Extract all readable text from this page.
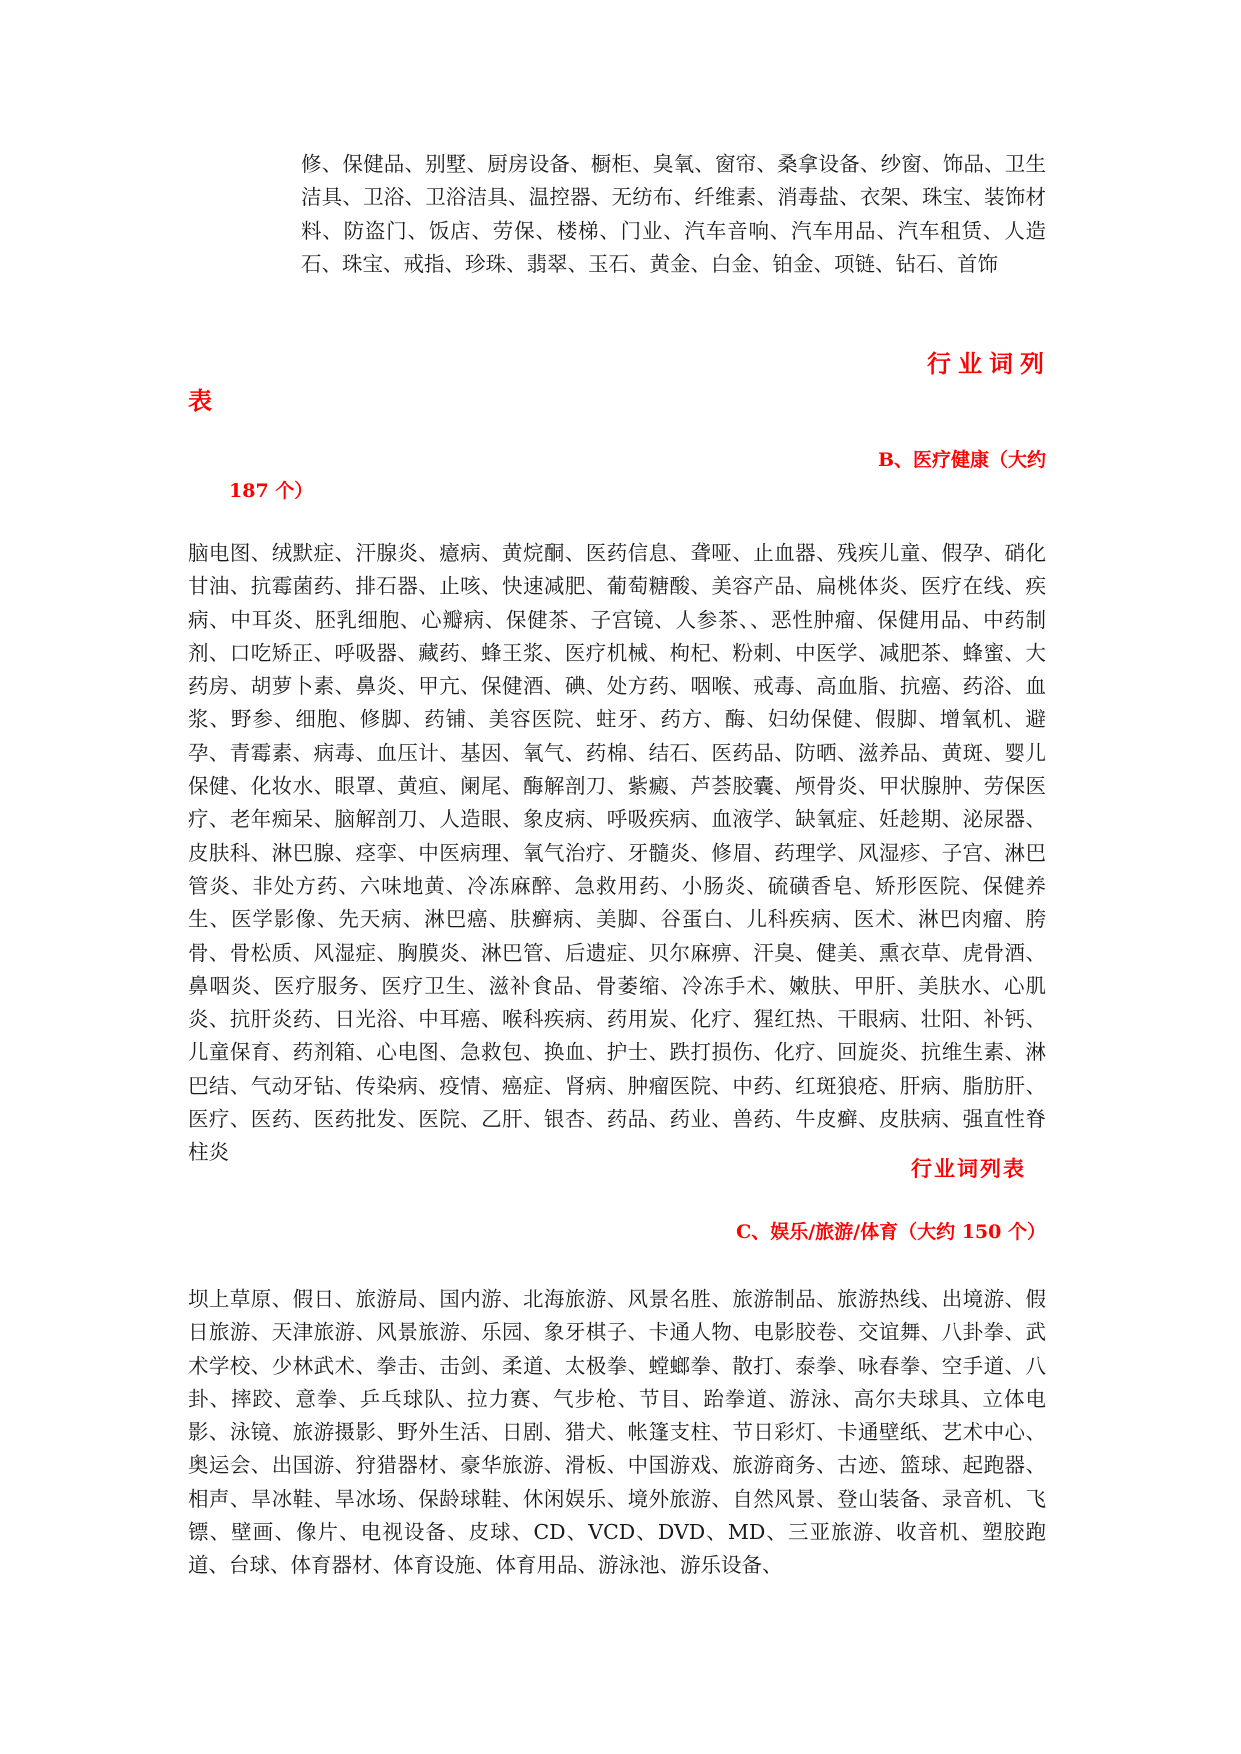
修、保健品、别墅、厨房设备、橱柜、臭氧、窗帘、桑拿设备、纱窗、饰品、卫生洁具、卫浴、卫浴洁具、温控器、无纺布、纤维素、消毒盐、衣架、珠宝、装饰材料、防盗门、饭店、劳保、楼梯、门业、汽车音响、汽车用品、汽车租赁、人造石、珠宝、戒指、珍珠、翡翠、玉石、黄金、白金、铂金、项链、钻石、首饰

行业词列
表
B、医疗健康（大约
187 个）

脑电图、绒默症、汗腺炎、癔病、黄烷酮、医药信息、聋哑、止血器、残疾儿童、假孕、硝化甘油、抗霉菌药、排石器、止咳、快速减肥、葡萄糖酸、美容产品、扁桃体炎、医疗在线、疾病、中耳炎、胚乳细胞、心瓣病、保健茶、子宫镜、人参茶、、恶性肿瘤、保健用品、中药制剂、口吃矫正、呼吸器、藏药、蜂王浆、医疗机械、枸杞、粉刺、中医学、减肥茶、蜂蜜、大药房、胡萝卜素、鼻炎、甲亢、保健酒、碘、处方药、咽喉、戒毒、高血脂、抗癌、药浴、血浆、野参、细胞、修脚、药铺、美容医院、蛀牙、药方、酶、妇幼保健、假脚、增氧机、避孕、青霉素、病毒、血压计、基因、氧气、药棉、结石、医药品、防晒、滋养品、黄斑、婴儿保健、化妆水、眼罩、黄疸、阑尾、酶解剖刀、紫癜、芦荟胶囊、颅骨炎、甲状腺肿、劳保医疗、老年痴呆、脑解剖刀、人造眼、象皮病、呼吸疾病、血液学、缺氧症、妊趁期、泌尿器、皮肤科、淋巴腺、痉挛、中医病理、氧气治疗、牙髓炎、修眉、药理学、风湿疹、子宫、淋巴管炎、非处方药、六味地黄、冷冻麻醉、急救用药、小肠炎、硫磺香皂、矫形医院、保健养生、医学影像、先天病、淋巴癌、肤癣病、美脚、谷蛋白、儿科疾病、医术、淋巴肉瘤、胯骨、骨松质、风湿症、胸膜炎、淋巴管、后遗症、贝尔麻痹、汗臭、健美、熏衣草、虎骨酒、鼻咽炎、医疗服务、医疗卫生、滋补食品、骨萎缩、冷冻手术、嫩肤、甲肝、美肤水、心肌炎、抗肝炎药、日光浴、中耳癌、喉科疾病、药用炭、化疗、猩红热、干眼病、壮阳、补钙、儿童保育、药剂箱、心电图、急救包、换血、护士、跌打损伤、化疗、回旋炎、抗维生素、淋巴结、气动牙钻、传染病、疫情、癌症、肾病、肿瘤医院、中药、红斑狼疮、肝病、脂肪肝、医疗、医药、医药批发、医院、乙肝、银杏、药品、药业、兽药、牛皮癣、皮肤病、强直性脊柱炎

行业词列表
C、娱乐/旅游/体育（大约 150 个）

坝上草原、假日、旅游局、国内游、北海旅游、风景名胜、旅游制品、旅游热线、出境游、假日旅游、天津旅游、风景旅游、乐园、象牙棋子、卡通人物、电影胶卷、交谊舞、八卦拳、武术学校、少林武术、拳击、击剑、柔道、太极拳、螳螂拳、散打、泰拳、咏春拳、空手道、八卦、摔跤、意拳、乒乓球队、拉力赛、气步枪、节目、跆拳道、游泳、高尔夫球具、立体电影、泳镜、旅游摄影、野外生活、日剧、猎犬、帐篷支柱、节日彩灯、卡通壁纸、艺术中心、奥运会、出国游、狩猎器材、豪华旅游、滑板、中国游戏、旅游商务、古迹、篮球、起跑器、相声、旱冰鞋、旱冰场、保龄球鞋、休闲娱乐、境外旅游、自然风景、登山装备、录音机、飞镖、壁画、像片、电视设备、皮球、CD、VCD、DVD、MD、三亚旅游、收音机、塑胶跑道、台球、体育器材、体育设施、体育用品、游泳池、游乐设备、
